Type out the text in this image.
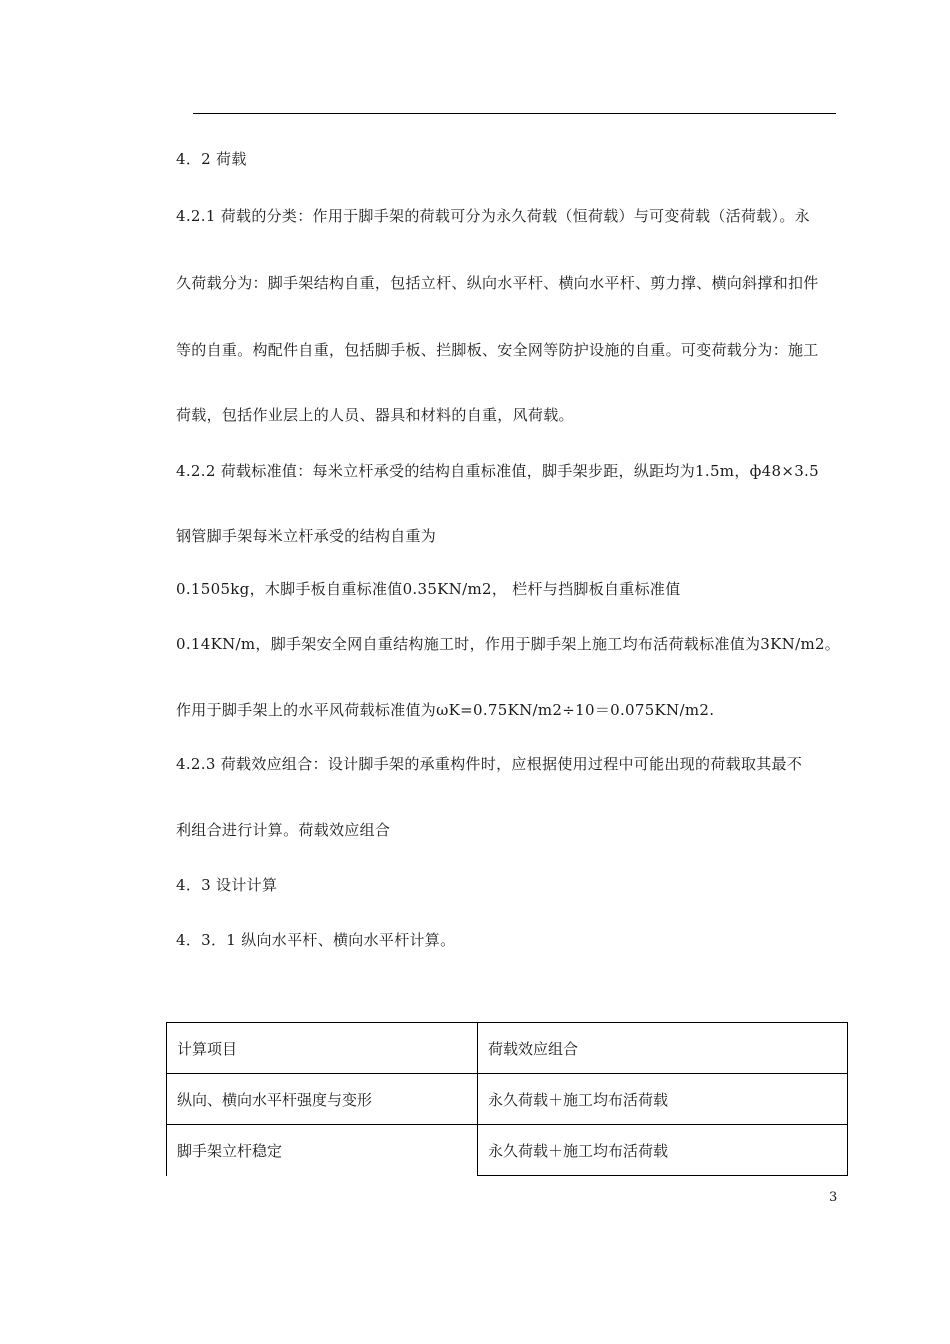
4．2 荷载
4.2.1 荷载的分类：作用于脚手架的荷载可分为永久荷载（恒荷载）与可变荷载（活荷载）。永
久荷载分为：脚手架结构自重，包括立杆、纵向水平杆、横向水平杆、剪力撑、横向斜撑和扣件
等的自重。构配件自重，包括脚手板、拦脚板、安全网等防护设施的自重。可变荷载分为：施工
荷载，包括作业层上的人员、器具和材料的自重，风荷载。
4.2.2 荷载标准值：每米立杆承受的结构自重标准值，脚手架步距，纵距均为1.5m，ф48×3.5
钢管脚手架每米立杆承受的结构自重为
0.1505kg，木脚手板自重标准值0.35KN/m2， 栏杆与挡脚板自重标准值
0.14KN/m，脚手架安全网自重结构施工时，作用于脚手架上施工均布活荷载标准值为3KN/m2。
作用于脚手架上的水平风荷载标准值为ωK=0.75KN/m2÷10＝0.075KN/m2.
4.2.3 荷载效应组合：设计脚手架的承重构件时，应根据使用过程中可能出现的荷载取其最不
利组合进行计算。荷载效应组合
4．3 设计计算
4．3．1 纵向水平杆、横向水平杆计算。
计算项目	荷载效应组合
纵向、横向水平杆强度与变形	永久荷载＋施工均布活荷载
脚手架立杆稳定	永久荷载＋施工均布活荷载
3
